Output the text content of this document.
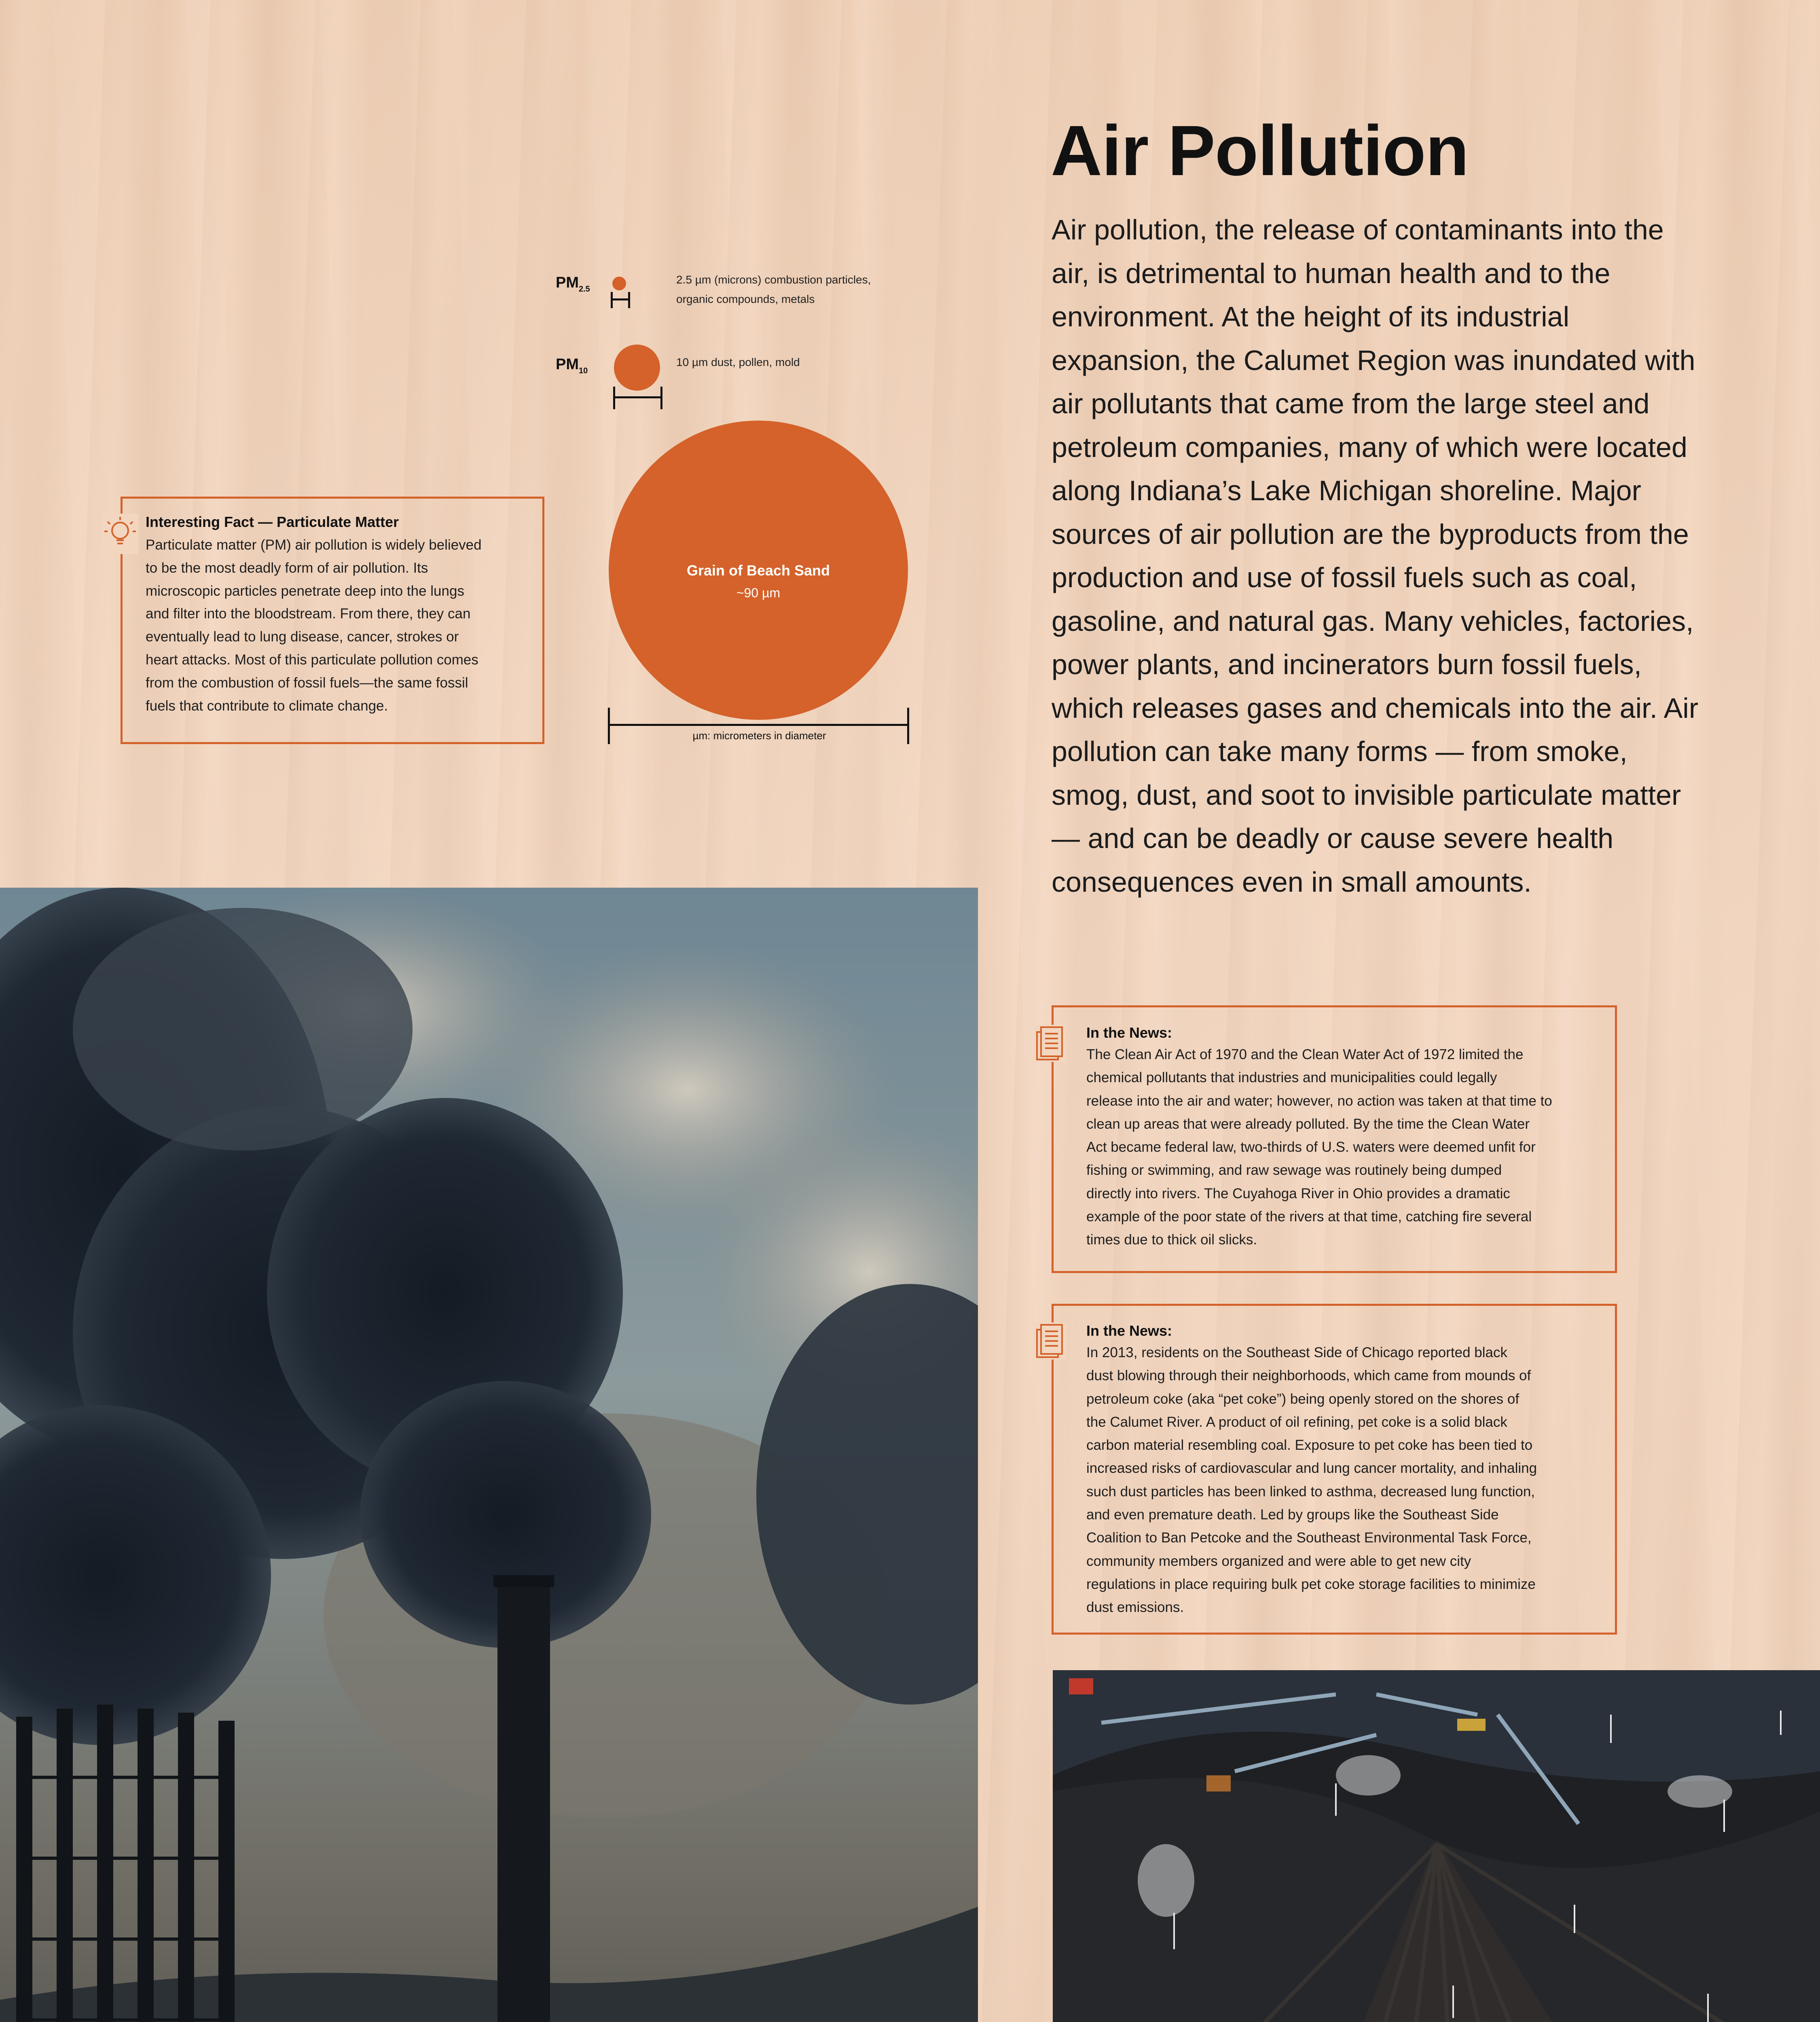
Air Pollution
Air pollution, the release of contaminants into the air, is detrimental to human health and to the environment. At the height of its industrial expansion, the Calumet Region was inundated with air pollutants that came from the large steel and petroleum companies, many of which were located along Indiana’s Lake Michigan shoreline. Major sources of air pollution are the byproducts from the production and use of fossil fuels such as coal, gasoline, and natural gas. Many vehicles, factories, power plants, and incinerators burn fossil fuels, which releases gases and chemicals into the air. Air pollution can take many forms — from smoke, smog, dust, and soot to invisible particulate matter — and can be deadly or cause severe health consequences even in small amounts.
$PM_{2.5}$
2.5 µm (microns) combustion particles,
organic compounds, metals
$PM_{10}$
10 µm dust, pollen, mold
Grain of Beach Sand
~90 µm
µm: micrometers in diameter
Interesting Fact — Particulate Matter
Particulate matter (PM) air pollution is widely believed
to be the most deadly form of air pollution. Its
microscopic particles penetrate deep into the lungs
and filter into the bloodstream. From there, they can
eventually lead to lung disease, cancer, strokes or
heart attacks. Most of this particulate pollution comes
from the combustion of fossil fuels—the same fossil
fuels that contribute to climate change.
In the News:
The Clean Air Act of 1970 and the Clean Water Act of 1972 limited the
chemical pollutants that industries and municipalities could legally
release into the air and water; however, no action was taken at that time to
clean up areas that were already polluted. By the time the Clean Water
Act became federal law, two-thirds of U.S. waters were deemed unfit for
fishing or swimming, and raw sewage was routinely being dumped
directly into rivers. The Cuyahoga River in Ohio provides a dramatic
example of the poor state of the rivers at that time, catching fire several
times due to thick oil slicks.
In the News:
In 2013, residents on the Southeast Side of Chicago reported black
dust blowing through their neighborhoods, which came from mounds of
petroleum coke (aka “pet coke”) being openly stored on the shores of
the Calumet River. A product of oil refining, pet coke is a solid black
carbon material resembling coal. Exposure to pet coke has been tied to
increased risks of cardiovascular and lung cancer mortality, and inhaling
such dust particles has been linked to asthma, decreased lung function,
and even premature death. Led by groups like the Southeast Side
Coalition to Ban Petcoke and the Southeast Environmental Task Force,
community members organized and were able to get new city
regulations in place requiring bulk pet coke storage facilities to minimize
dust emissions.
